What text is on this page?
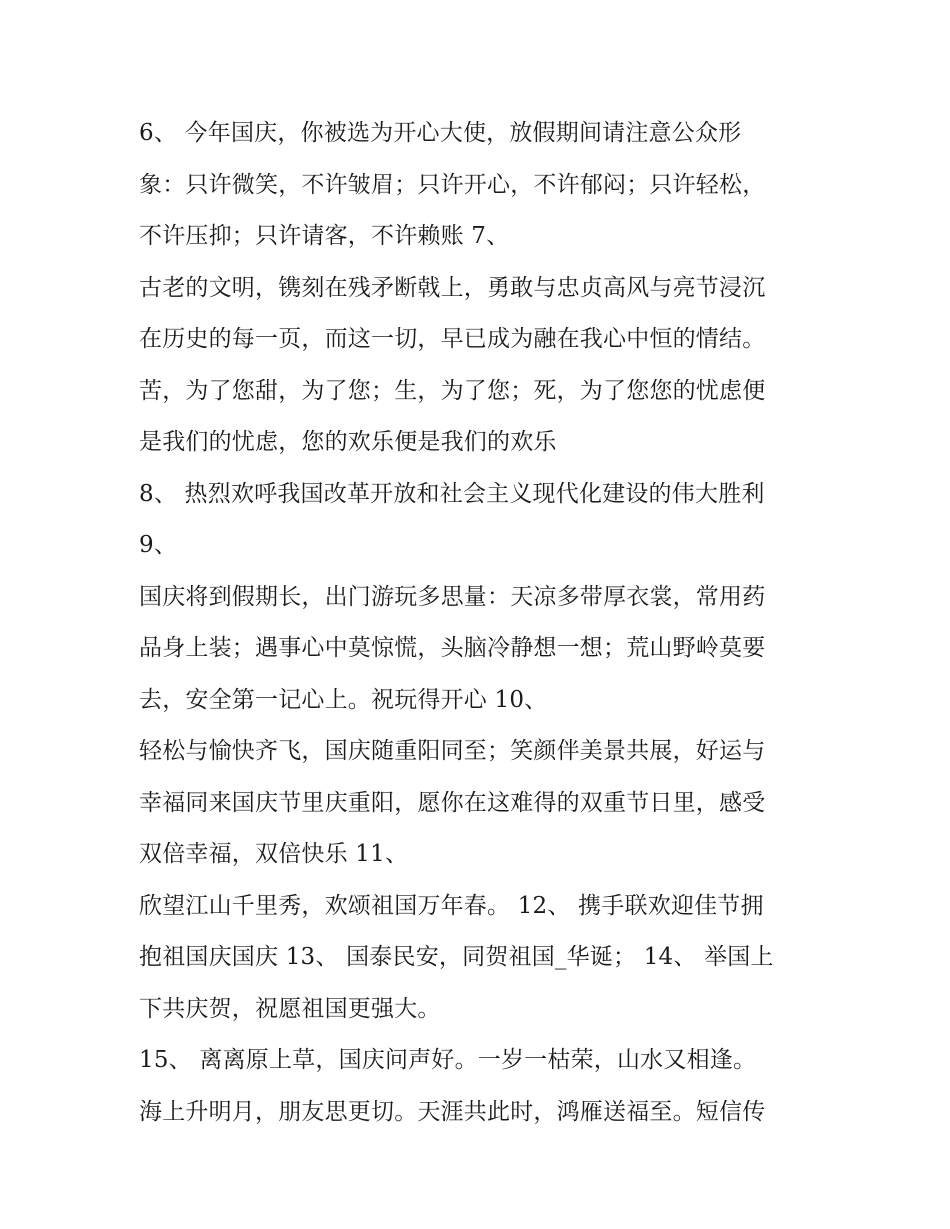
6、 今年国庆，你被选为开心大使，放假期间请注意公众形
象：只许微笑，不许皱眉；只许开心，不许郁闷；只许轻松，
不许压抑；只许请客，不许赖账 7、
古老的文明，镌刻在残矛断戟上，勇敢与忠贞高风与亮节浸沉
在历史的每一页，而这一切，早已成为融在我心中恒的情结。
苦，为了您甜，为了您；生，为了您；死，为了您您的忧虑便
是我们的忧虑，您的欢乐便是我们的欢乐
8、 热烈欢呼我国改革开放和社会主义现代化建设的伟大胜利
9、
国庆将到假期长，出门游玩多思量：天凉多带厚衣裳，常用药
品身上装；遇事心中莫惊慌，头脑冷静想一想；荒山野岭莫要
去，安全第一记心上。祝玩得开心 10、
轻松与愉快齐飞，国庆随重阳同至；笑颜伴美景共展，好运与
幸福同来国庆节里庆重阳，愿你在这难得的双重节日里，感受
双倍幸福，双倍快乐 11、
欣望江山千里秀，欢颂祖国万年春。 12、 携手联欢迎佳节拥
抱祖国庆国庆 13、 国泰民安，同贺祖国_华诞； 14、 举国上
下共庆贺，祝愿祖国更强大。
15、 离离原上草，国庆问声好。一岁一枯荣，山水又相逢。
海上升明月，朋友思更切。天涯共此时，鸿雁送福至。短信传
